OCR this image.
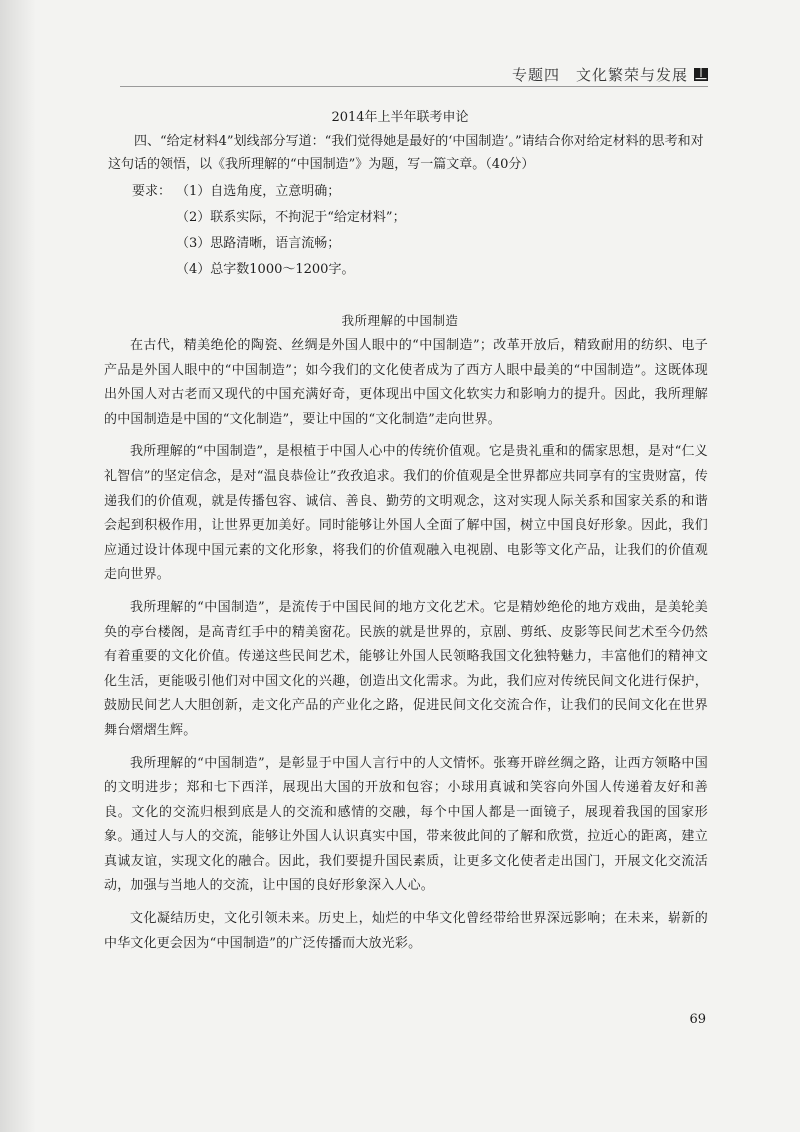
专题四　文化繁荣与发展
2014年上半年联考申论

四、“给定材料4”划线部分写道：“我们觉得她是最好的‘中国制造’。”请结合你对给定材料的思考和对这句话的领悟，以《我所理解的“中国制造”》为题，写一篇文章。（40分）

要求： （1）自选角度，立意明确；
（2）联系实际，不拘泥于“给定材料”；
（3）思路清晰，语言流畅；
（4）总字数1000～1200字。
我所理解的中国制造

在古代，精美绝伦的陶瓷、丝绸是外国人眼中的“中国制造”；改革开放后，精致耐用的纺织、电子产品是外国人眼中的“中国制造”；如今我们的文化使者成为了西方人眼中最美的“中国制造”。这既体现出外国人对古老而又现代的中国充满好奇，更体现出中国文化软实力和影响力的提升。因此，我所理解的中国制造是中国的“文化制造”，要让中国的“文化制造”走向世界。

我所理解的“中国制造”，是根植于中国人心中的传统价值观。它是贵礼重和的儒家思想，是对“仁义礼智信”的坚定信念，是对“温良恭俭让”孜孜追求。我们的价值观是全世界都应共同享有的宝贵财富，传递我们的价值观，就是传播包容、诚信、善良、勤劳的文明观念，这对实现人际关系和国家关系的和谐会起到积极作用，让世界更加美好。同时能够让外国人全面了解中国，树立中国良好形象。因此，我们应通过设计体现中国元素的文化形象，将我们的价值观融入电视剧、电影等文化产品，让我们的价值观走向世界。

我所理解的“中国制造”，是流传于中国民间的地方文化艺术。它是精妙绝伦的地方戏曲，是美轮美奂的亭台楼阁，是高青红手中的精美窗花。民族的就是世界的，京剧、剪纸、皮影等民间艺术至今仍然有着重要的文化价值。传递这些民间艺术，能够让外国人民领略我国文化独特魅力，丰富他们的精神文化生活，更能吸引他们对中国文化的兴趣，创造出文化需求。为此，我们应对传统民间文化进行保护，鼓励民间艺人大胆创新，走文化产品的产业化之路，促进民间文化交流合作，让我们的民间文化在世界舞台熠熠生辉。

我所理解的“中国制造”，是彰显于中国人言行中的人文情怀。张骞开辟丝绸之路，让西方领略中国的文明进步；郑和七下西洋，展现出大国的开放和包容；小球用真诚和笑容向外国人传递着友好和善良。文化的交流归根到底是人的交流和感情的交融，每个中国人都是一面镜子，展现着我国的国家形象。通过人与人的交流，能够让外国人认识真实中国，带来彼此间的了解和欣赏，拉近心的距离，建立真诚友谊，实现文化的融合。因此，我们要提升国民素质，让更多文化使者走出国门，开展文化交流活动，加强与当地人的交流，让中国的良好形象深入人心。

文化凝结历史，文化引领未来。历史上，灿烂的中华文化曾经带给世界深远影响；在未来，崭新的中华文化更会因为“中国制造”的广泛传播而大放光彩。

69
